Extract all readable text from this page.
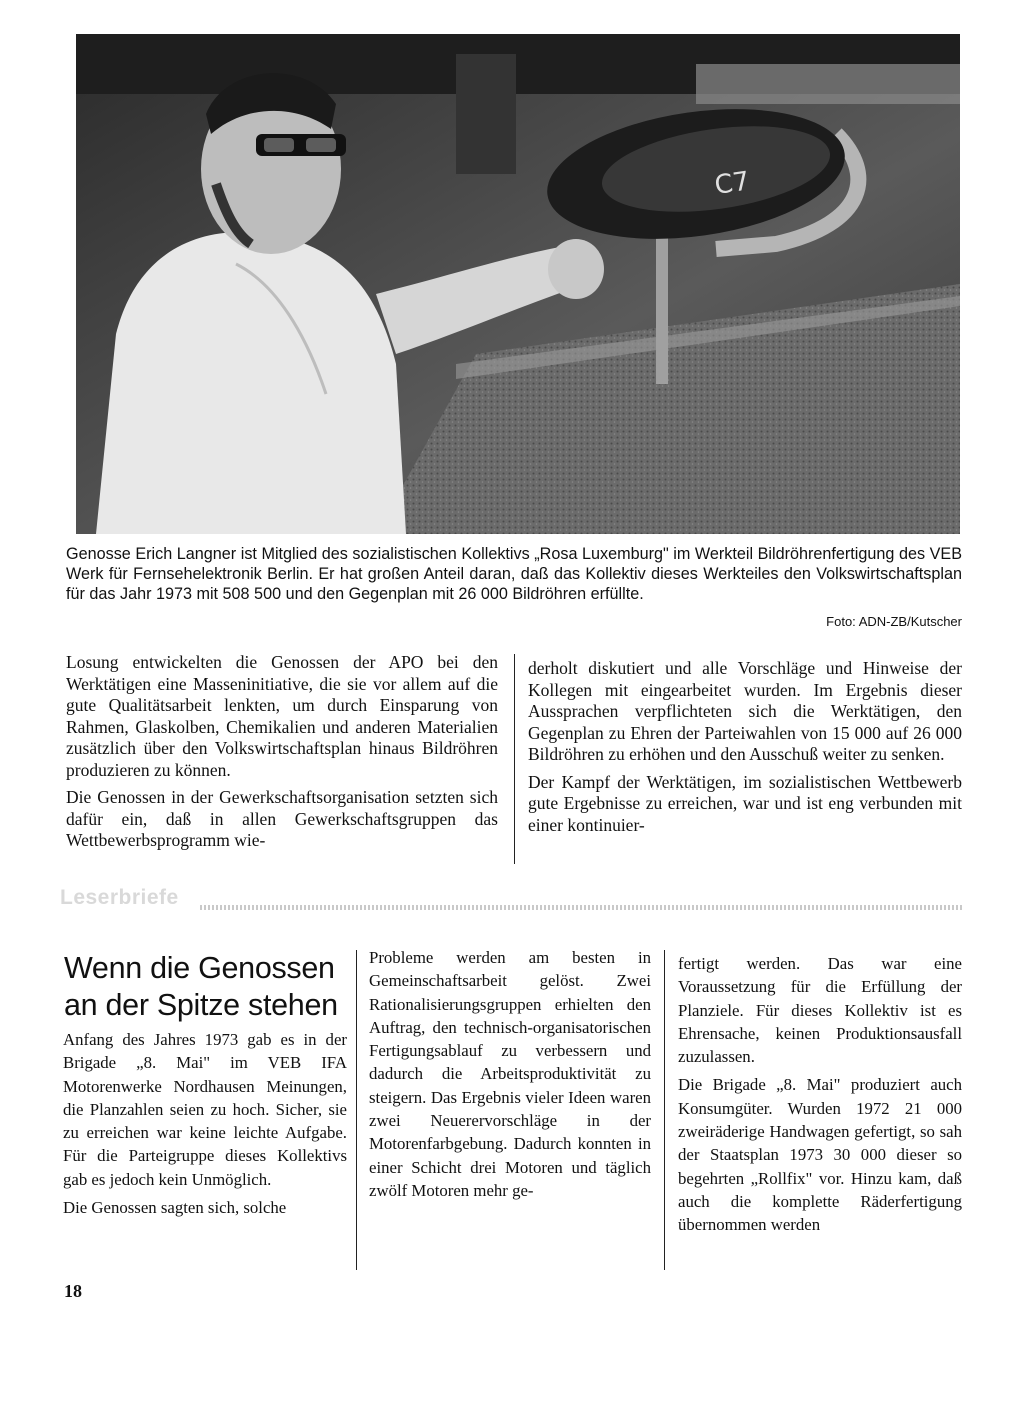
C7

Genosse Erich Langner ist Mitglied des sozialistischen Kollektivs „Rosa Luxemburg" im Werkteil Bildröhrenfertigung des VEB Werk für Fernsehelektronik Berlin. Er hat großen Anteil daran, daß das Kollektiv dieses Werkteiles den Volkswirtschaftsplan für das Jahr 1973 mit 508 500 und den Gegenplan mit 26 000 Bildröhren erfüllte.

Foto: ADN-ZB/Kutscher

Losung entwickelten die Genossen der APO bei den Werktätigen eine Masseninitiative, die sie vor allem auf die gute Qualitätsarbeit lenkten, um durch Einsparung von Rahmen, Glaskolben, Chemikalien und anderen Materialien zusätzlich über den Volkswirtschaftsplan hinaus Bildröhren produzieren zu können.

Die Genossen in der Gewerkschaftsorganisation setzten sich dafür ein, daß in allen Gewerkschaftsgruppen das Wettbewerbsprogramm wie-

derholt diskutiert und alle Vorschläge und Hinweise der Kollegen mit eingearbeitet wurden. Im Ergebnis dieser Aussprachen verpflichteten sich die Werktätigen, den Gegenplan zu Ehren der Parteiwahlen von 15 000 auf 26 000 Bildröhren zu erhöhen und den Ausschuß weiter zu senken.

Der Kampf der Werktätigen, im sozialistischen Wettbewerb gute Ergebnisse zu erreichen, war und ist eng verbunden mit einer kontinuier-

Leserbriefe
Wenn die Genossen an der Spitze stehen

Anfang des Jahres 1973 gab es in der Brigade „8. Mai" im VEB IFA Motorenwerke Nordhausen Meinungen, die Planzahlen seien zu hoch. Sicher, sie zu erreichen war keine leichte Aufgabe. Für die Parteigruppe dieses Kollektivs gab es jedoch kein Unmöglich.

Die Genossen sagten sich, solche

Probleme werden am besten in Gemeinschaftsarbeit gelöst. Zwei Rationalisierungsgruppen erhielten den Auftrag, den technisch-organisatorischen Fertigungsablauf zu verbessern und dadurch die Arbeitsproduktivität zu steigern. Das Ergebnis vieler Ideen waren zwei Neuerervorschläge in der Motorenfarbgebung. Dadurch konnten in einer Schicht drei Motoren und täglich zwölf Motoren mehr ge-

fertigt werden. Das war eine Voraussetzung für die Erfüllung der Planziele. Für dieses Kollektiv ist es Ehrensache, keinen Produktionsausfall zuzulassen.

Die Brigade „8. Mai" produziert auch Konsumgüter. Wurden 1972 21 000 zweiräderige Handwagen gefertigt, so sah der Staatsplan 1973 30 000 dieser so begehrten „Rollfix" vor. Hinzu kam, daß auch die komplette Räderfertigung übernommen werden

18
